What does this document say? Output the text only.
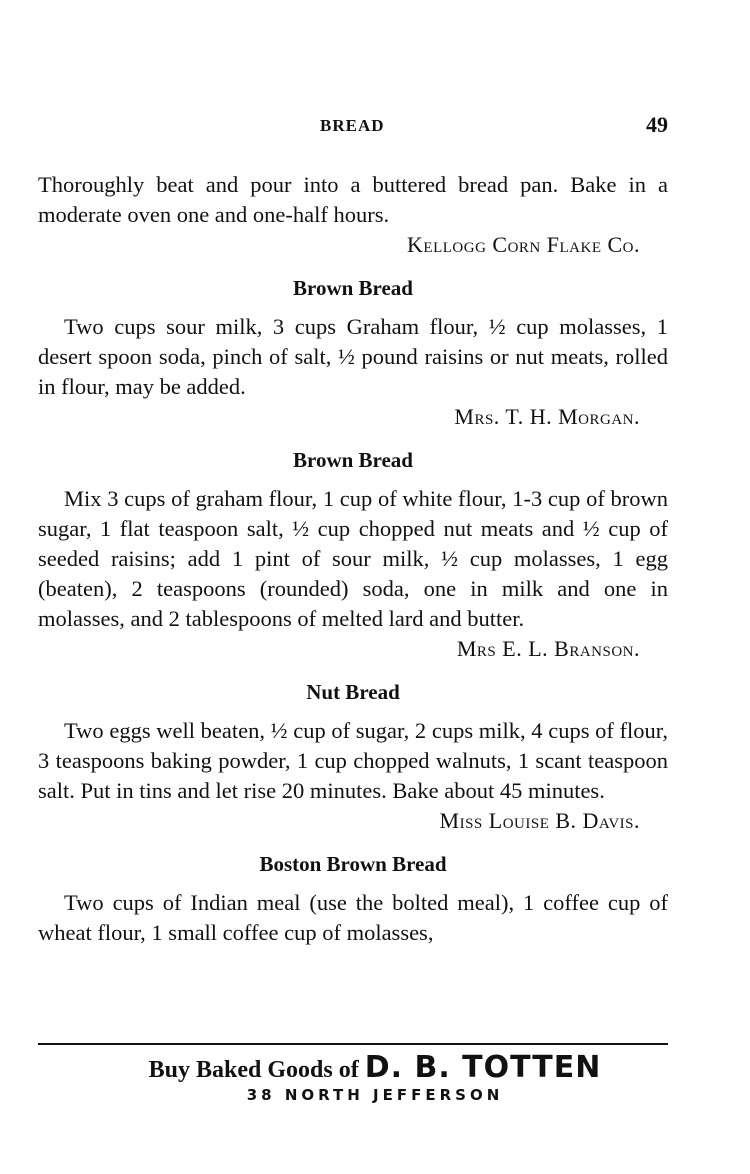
BREAD	49

Thoroughly beat and pour into a buttered bread pan. Bake in a moderate oven one and one-half hours.

Kellogg Corn Flake Co.

Brown Bread

Two cups sour milk, 3 cups Graham flour, ½ cup molasses, 1 desert spoon soda, pinch of salt, ½ pound raisins or nut meats, rolled in flour, may be added.

Mrs. T. H. Morgan.

Brown Bread

Mix 3 cups of graham flour, 1 cup of white flour, 1-3 cup of brown sugar, 1 flat teaspoon salt, ½ cup chopped nut meats and ½ cup of seeded raisins; add 1 pint of sour milk, ½ cup molasses, 1 egg (beaten), 2 teaspoons (rounded) soda, one in milk and one in molasses, and 2 tablespoons of melted lard and butter.

Mrs E. L. Branson.

Nut Bread

Two eggs well beaten, ½ cup of sugar, 2 cups milk, 4 cups of flour, 3 teaspoons baking powder, 1 cup chopped walnuts, 1 scant teaspoon salt. Put in tins and let rise 20 minutes. Bake about 45 minutes.

Miss Louise B. Davis.

Boston Brown Bread

Two cups of Indian meal (use the bolted meal), 1 coffee cup of wheat flour, 1 small coffee cup of molasses,

Buy Baked Goods of D. B. TOTTEN
38 NORTH JEFFERSON
